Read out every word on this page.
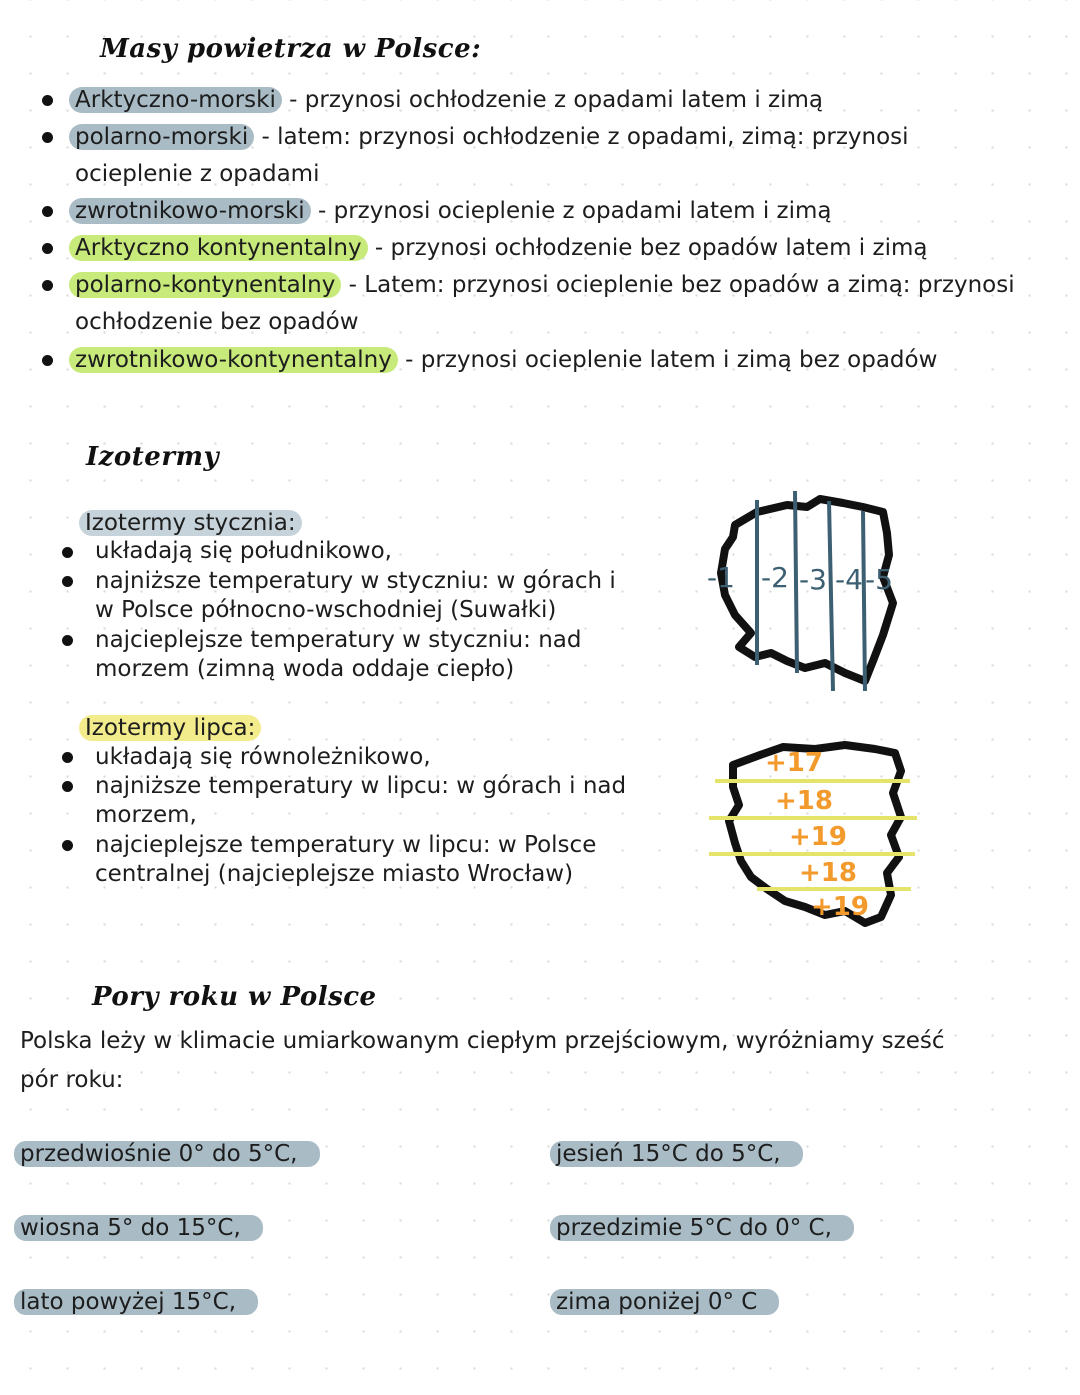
Masy powietrza w Polsce:
Arktyczno-morski - przynosi ochłodzenie z opadami latem i zimą
polarno-morski - latem: przynosi ochłodzenie z opadami, zimą: przynosi
ocieplenie z opadami
zwrotnikowo-morski - przynosi ocieplenie z opadami latem i zimą
Arktyczno kontynentalny - przynosi ochłodzenie bez opadów latem i zimą
polarno-kontynentalny - Latem: przynosi ocieplenie bez opadów a zimą: przynosi
ochłodzenie bez opadów
zwrotnikowo-kontynentalny - przynosi ocieplenie latem i zimą bez opadów
Izotermy
Izotermy stycznia:
układają się południkowo,
najniższe temperatury w styczniu: w górach i
w Polsce północno-wschodniej (Suwałki)
najcieplejsze temperatury w styczniu: nad
morzem (zimną woda oddaje ciepło)
Izotermy lipca:
układają się równoleżnikowo,
najniższe temperatury w lipcu: w górach i nad
morzem,
najcieplejsze temperatury w lipcu: w Polsce
centralnej (najcieplejsze miasto Wrocław)
-1 -2 -3 -4 -5
+17
+18
+19
+18
+19
Pory roku w Polsce
Polska leży w klimacie umiarkowanym ciepłym przejściowym, wyróżniamy sześć
pór roku:
przedwiośnie 0° do 5°C,	jesień 15°C do 5°C,
wiosna 5° do 15°C,	przedzimie 5°C do 0° C,
lato powyżej 15°C,	zima poniżej 0° C
